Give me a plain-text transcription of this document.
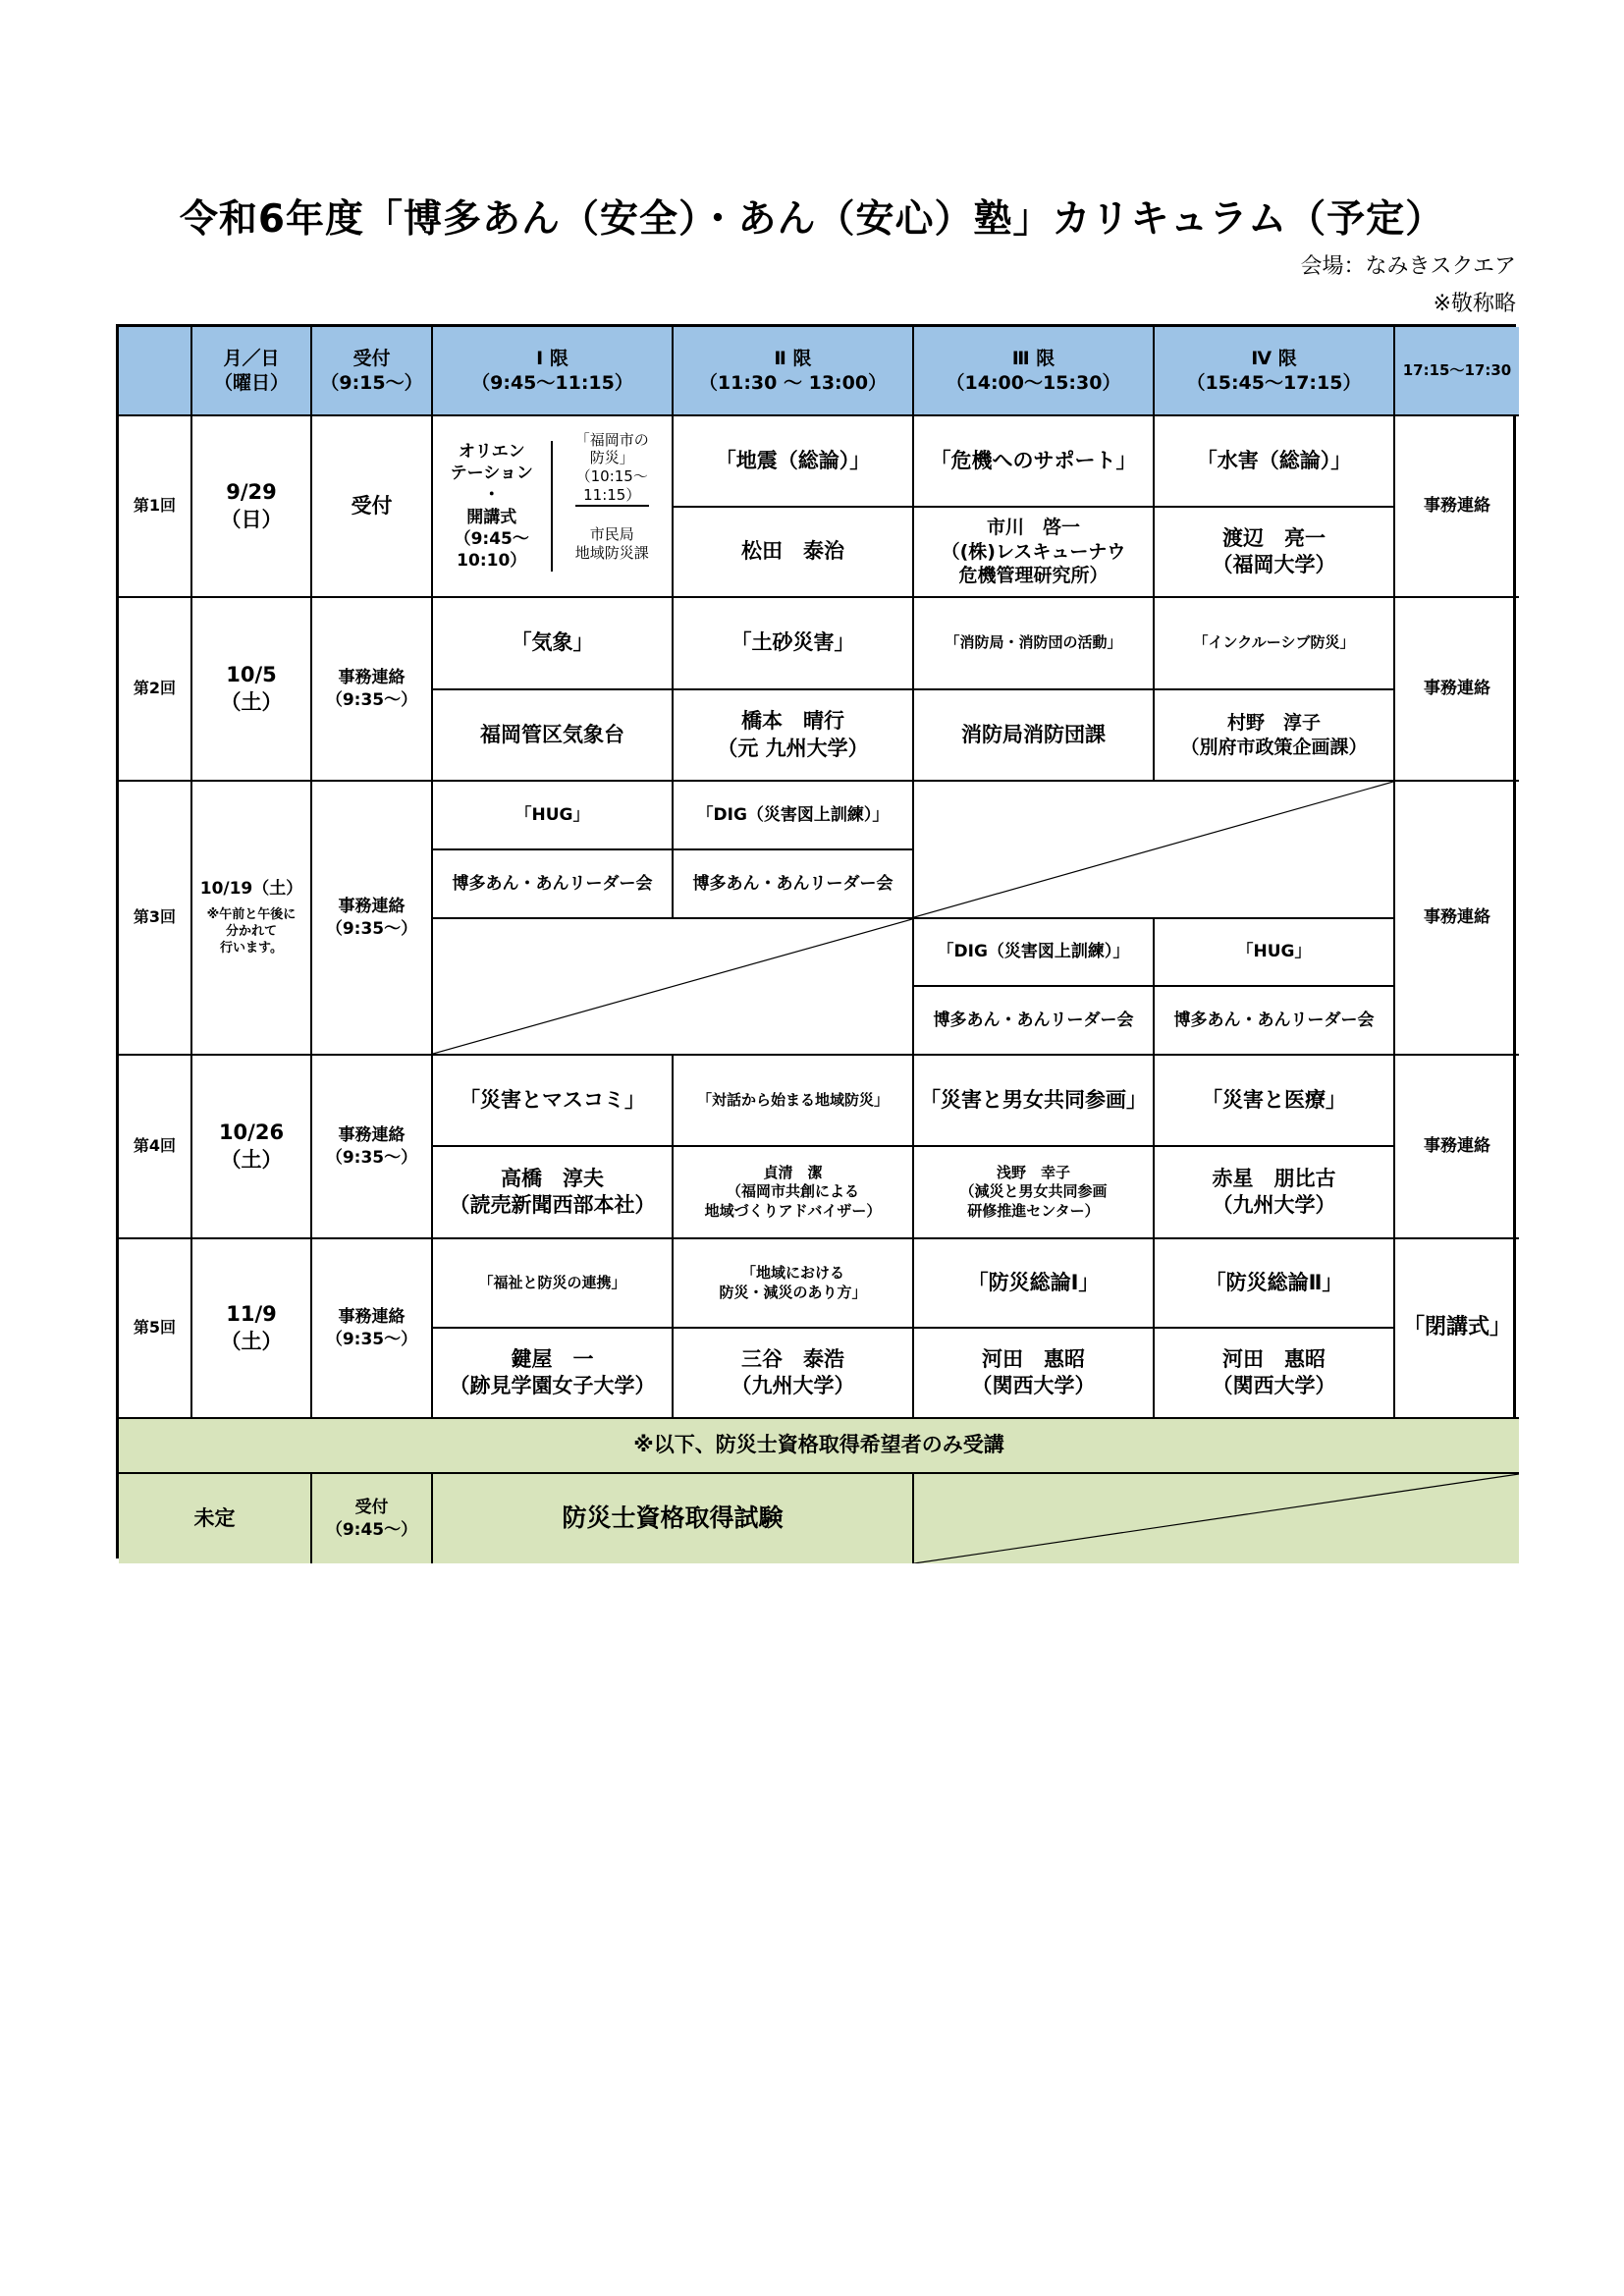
令和6年度「博多あん（安全）・あん（安心）塾」カリキュラム（予定）
会場：なみきスクエア
※敬称略
月／日
（曜日）
受付
（9:15～）
Ⅰ 限
（9:45～11:15）
Ⅱ 限
（11:30 ～ 13:00）
Ⅲ 限
（14:00～15:30）
Ⅳ 限
（15:45～17:15）
17:15～17:30
第1回
9/29
（日）
受付
オリエン
テーション
・
開講式
（9:45～
10:10）
「福岡市の
防災」
（10:15～
11:15）
市民局
地域防災課
「地震（総論）」
松田　泰治
「危機へのサポート」
市川　啓一
（(株)レスキューナウ
危機管理研究所）
「水害（総論）」
渡辺　亮一
（福岡大学）
事務連絡
第2回
10/5
（土）
事務連絡
（9:35～）
「気象」
福岡管区気象台
「土砂災害」
橋本　晴行
（元 九州大学）
「消防局・消防団の活動」
消防局消防団課
「インクルーシブ防災」
村野　淳子
（別府市政策企画課）
事務連絡
第3回
10/19（土）
※午前と午後に
分かれて
行います。
事務連絡
（9:35～）
「HUG」
博多あん・あんリーダー会
「DIG（災害図上訓練）」
博多あん・あんリーダー会
「DIG（災害図上訓練）」
博多あん・あんリーダー会
「HUG」
博多あん・あんリーダー会
事務連絡
第4回
10/26
（土）
事務連絡
（9:35～）
「災害とマスコミ」
高橋　淳夫
（読売新聞西部本社）
「対話から始まる地域防災」
貞清　潔
（福岡市共創による
地域づくりアドバイザー）
「災害と男女共同参画」
浅野　幸子
（減災と男女共同参画
研修推進センター）
「災害と医療」
赤星　朋比古
（九州大学）
事務連絡
第5回
11/9
（土）
事務連絡
（9:35～）
「福祉と防災の連携」
鍵屋　一
（跡見学園女子大学）
「地域における
防災・減災のあり方」
三谷　泰浩
（九州大学）
「防災総論Ⅰ」
河田　惠昭
（関西大学）
「防災総論Ⅱ」
河田　惠昭
（関西大学）
「閉講式」
※以下、防災士資格取得希望者のみ受講
未定	受付
（9:45～）	防災士資格取得試験
